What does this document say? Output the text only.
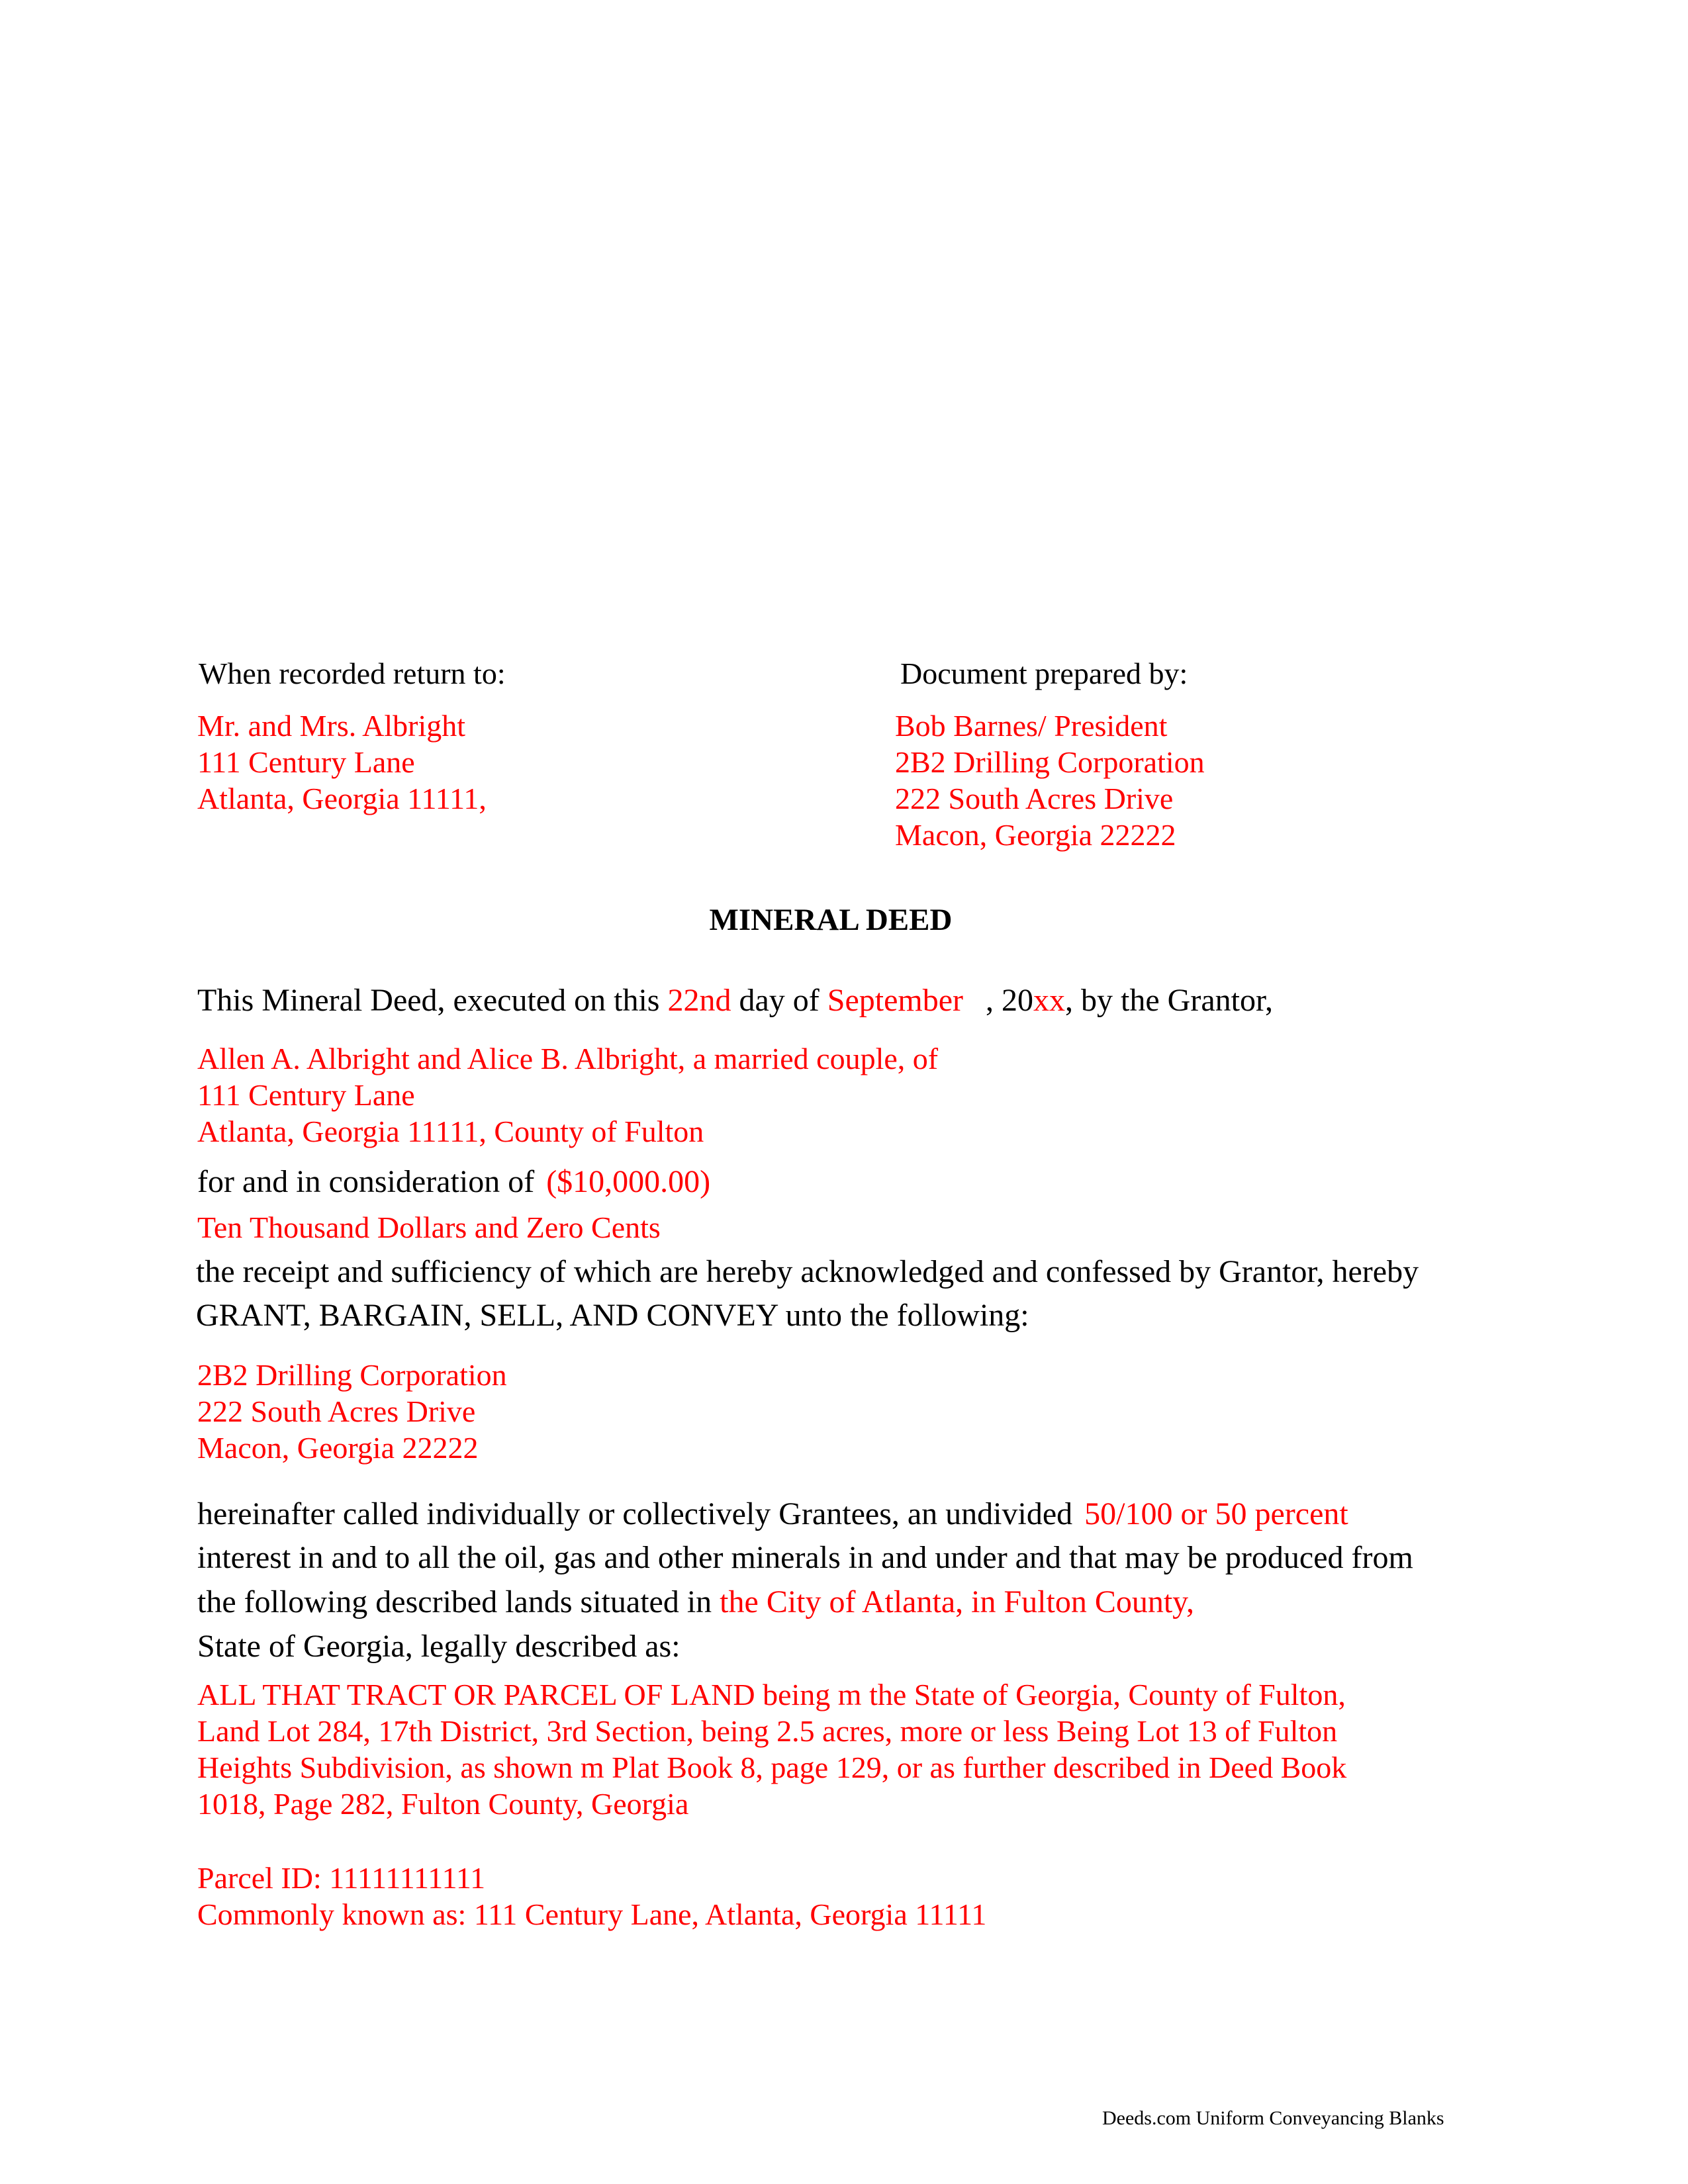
When recorded return to:
Mr. and Mrs. Albright
111 Century Lane
Atlanta, Georgia 11111,
Document prepared by:
Bob Barnes/ President
2B2 Drilling Corporation
222 South Acres Drive
Macon, Georgia 22222
MINERAL DEED
This Mineral Deed, executed on this 22nd day of September , 20xx, by the Grantor,
Allen A. Albright and Alice B. Albright, a married couple, of
111 Century Lane
Atlanta, Georgia 11111, County of Fulton
for and in consideration of ($10,000.00)
Ten Thousand Dollars and Zero Cents
the receipt and sufficiency of which are hereby acknowledged and confessed by Grantor, hereby
GRANT, BARGAIN, SELL, AND CONVEY unto the following:
2B2 Drilling Corporation
222 South Acres Drive
Macon, Georgia 22222
hereinafter called individually or collectively Grantees, an undivided 50/100 or 50 percent
interest in and to all the oil, gas and other minerals in and under and that may be produced from
the following described lands situated in the City of Atlanta, in Fulton County,
State of Georgia, legally described as:
ALL THAT TRACT OR PARCEL OF LAND being m the State of Georgia, County of Fulton,
Land Lot 284, 17th District, 3rd Section, being 2.5 acres, more or less Being Lot 13 of Fulton
Heights Subdivision, as shown m Plat Book 8, page 129, or as further described in Deed Book
1018, Page 282, Fulton County, Georgia
Parcel ID: 11111111111
Commonly known as: 111 Century Lane, Atlanta, Georgia 11111
Deeds.com Uniform Conveyancing Blanks
